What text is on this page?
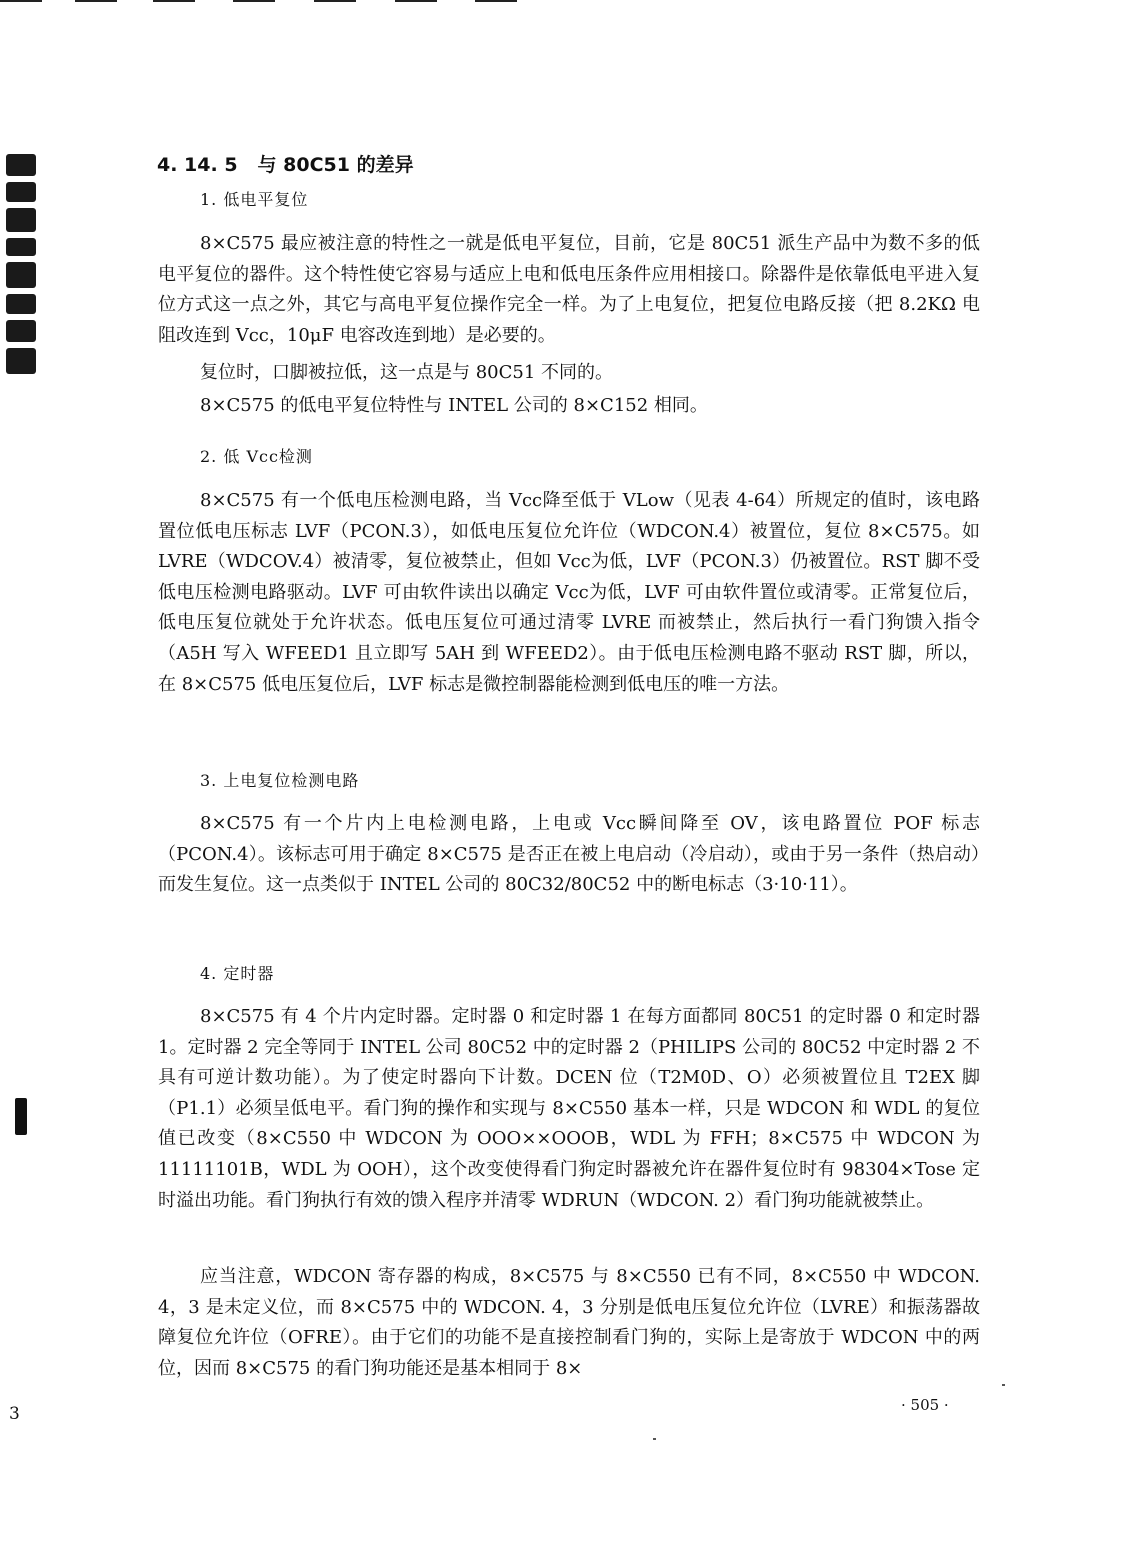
3
4. 14. 5 与 80C51 的差异
1. 低电平复位
8×C575 最应被注意的特性之一就是低电平复位，目前，它是 80C51 派生产品中为数不多的低电平复位的器件。这个特性使它容易与适应上电和低电压条件应用相接口。除器件是依靠低电平进入复位方式这一点之外，其它与高电平复位操作完全一样。为了上电复位，把复位电路反接（把 8.2KΩ 电阻改连到 Vcc，10μF 电容改连到地）是必要的。
复位时，口脚被拉低，这一点是与 80C51 不同的。
8×C575 的低电平复位特性与 INTEL 公司的 8×C152 相同。
2. 低 Vcc检测
8×C575 有一个低电压检测电路，当 Vcc降至低于 VLow（见表 4-64）所规定的值时，该电路置位低电压标志 LVF（PCON.3），如低电压复位允许位（WDCON.4）被置位，复位 8×C575。如 LVRE（WDCOV.4）被清零，复位被禁止，但如 Vcc为低，LVF（PCON.3）仍被置位。RST 脚不受低电压检测电路驱动。LVF 可由软件读出以确定 Vcc为低，LVF 可由软件置位或清零。正常复位后，低电压复位就处于允许状态。低电压复位可通过清零 LVRE 而被禁止，然后执行一看门狗馈入指令（A5H 写入 WFEED1 且立即写 5AH 到 WFEED2）。由于低电压检测电路不驱动 RST 脚，所以，在 8×C575 低电压复位后，LVF 标志是微控制器能检测到低电压的唯一方法。
3. 上电复位检测电路
8×C575 有一个片内上电检测电路，上电或 Vcc瞬间降至 OV，该电路置位 POF 标志（PCON.4）。该标志可用于确定 8×C575 是否正在被上电启动（冷启动），或由于另一条件（热启动）而发生复位。这一点类似于 INTEL 公司的 80C32/80C52 中的断电标志（3·10·11）。
4. 定时器
8×C575 有 4 个片内定时器。定时器 0 和定时器 1 在每方面都同 80C51 的定时器 0 和定时器 1。定时器 2 完全等同于 INTEL 公司 80C52 中的定时器 2（PHILIPS 公司的 80C52 中定时器 2 不具有可逆计数功能）。为了使定时器向下计数。DCEN 位（T2M0D、O）必须被置位且 T2EX 脚（P1.1）必须呈低电平。看门狗的操作和实现与 8×C550 基本一样，只是 WDCON 和 WDL 的复位值已改变（8×C550 中 WDCON 为 OOO××OOOB，WDL 为 FFH；8×C575 中 WDCON 为 11111101B，WDL 为 OOH），这个改变使得看门狗定时器被允许在器件复位时有 98304×Tose 定时溢出功能。看门狗执行有效的馈入程序并清零 WDRUN（WDCON. 2）看门狗功能就被禁止。
应当注意，WDCON 寄存器的构成，8×C575 与 8×C550 已有不同，8×C550 中 WDCON. 4，3 是未定义位，而 8×C575 中的 WDCON. 4，3 分别是低电压复位允许位（LVRE）和振荡器故障复位允许位（OFRE）。由于它们的功能不是直接控制看门狗的，实际上是寄放于 WDCON 中的两位，因而 8×C575 的看门狗功能还是基本相同于 8×
· 505 ·
